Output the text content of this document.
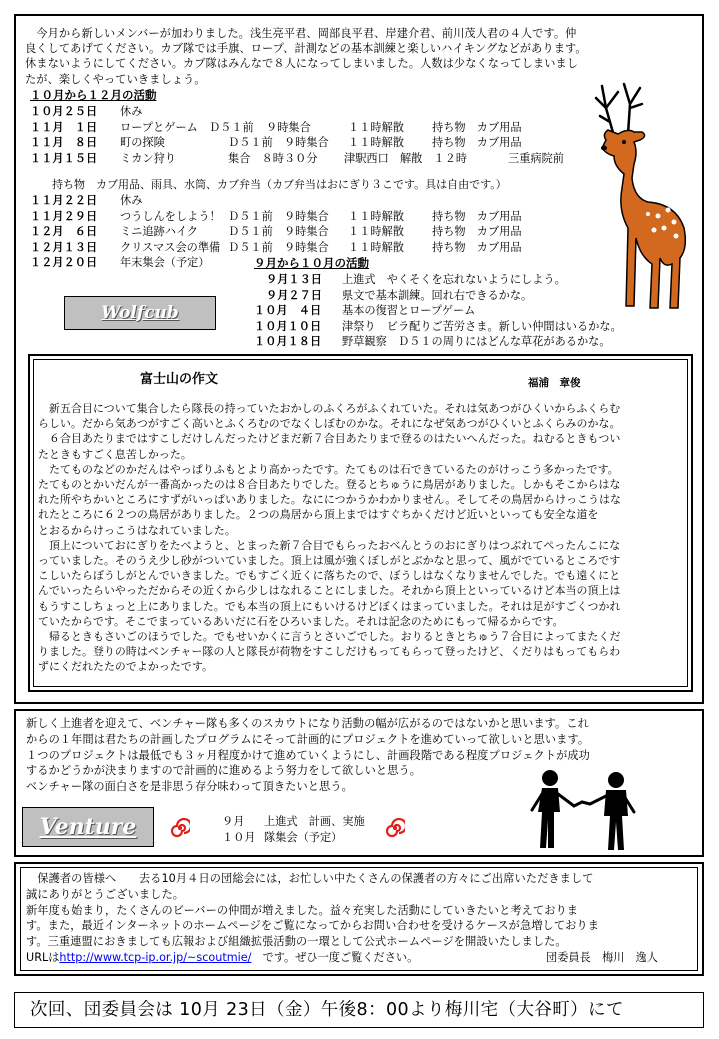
　今月から新しいメンバーが加わりました。浅生亮平君、岡部良平君、岸建介君、前川茂人君の４人です。仲

良くしてあげてください。カブ隊では手旗、ロープ、計測などの基本訓練と楽しいハイキングなどがあります。

休まないようにしてください。カブ隊はみんなで８人になってしまいました。人数は少なくなってしまいまし

たが、楽しくやっていきましょう。

１０月から１２月の活動
１０月２５日 休み
１１月　１日 ロープとゲーム　Ｄ５１前 ９時集合	１１時解散	持ち物　カブ用品
１１月　８日 町の探険	Ｄ５１前　９時集合 １１時解散	持ち物　カブ用品
１１月１５日 ミカン狩り	集合　８時３０分 津駅西口　解散　１２時	三重病院前
持ち物　カブ用品、雨具、水筒、カブ弁当（カブ弁当はおにぎり３こです。具は自由です。）
１１月２２日 休み
１１月２９日 つうしんをしよう！ Ｄ５１前　９時集合 １１時解散	持ち物　カブ用品
１２月　６日 ミニ追跡ハイク	Ｄ５１前　９時集合 １１時解散	持ち物　カブ用品
１２月１３日 クリスマス会の準備 Ｄ５１前　９時集合 １１時解散	持ち物　カブ用品
１２月２０日 年末集会（予定）	９月から１０月の活動
９月１３日 上進式　やくそくを忘れないようにしよう。
９月２７日 県文で基本訓練。回れ右できるかな。
１０月　４日 基本の復習とロープゲーム
１０月１０日 津祭り　ビラ配りご苦労さま。新しい仲間はいるかな。
１０月１８日 野草観察　Ｄ５１の周りにはどんな草花があるかな。
Wolfcub
富士山の作文	福浦　章俊

　新五合目について集合したら隊長の持っていたおかしのふくろがふくれていた。それは気あつがひくいからふくらむ

らしい。だから気あつがすごく高いとふくろむのでなくしぼむのかな。それになぜ気あつがひくいとふくらみのかな。

　６合目あたりまではすこしだけしんだったけどまだ新７合目あたりまで登るのはたいへんだった。ねむるときもつい

たときもすごく息苦しかった。

　たてものなどのかだんはやっぱりふもとより高かったです。たてものは石できているたのがけっこう多かったです。

たてものとかいだんが一番高かったのは８合目あたりでした。登るとちゅうに鳥居がありました。しかもそこからはな

れた所やちかいところにすずがいっぱいありました。なににつかうかわかりません。そしてその鳥居からけっこうはな

れたところに６２つの鳥居がありました。２つの鳥居から頂上まではすぐちかくだけど近いといっても安全な道を

とおるからけっこうはなれていました。

　頂上についておにぎりをたべようと、とまった新７合目でもらったおべんとうのおにぎりはつぶれてぺったんこにな

っていました。そのうえ少し砂がついていました。頂上は風が強くぼしがとぶかなと思って、風がでているところです

こしいたらぼうしがとんでいきました。でもすごく近くに落ちたので、ぼうしはなくなりませんでした。でも遠くにと

んでいったらいやっただからその近くから少しはなれることにしました。それから頂上といっているけど本当の頂上は

もうすこしちょっと上にありました。でも本当の頂上にもいけるけどぼくはまっていました。それは足がすごくつかれ

ていたからです。そこでまっているあいだに石をひろいました。それは記念のためにもって帰るからです。

　帰るときもさいごのほうでした。でもせいかくに言うとさいごでした。おりるときとちゅう７合目によってまたくだ

りました。登りの時はベンチャー隊の人と隊長が荷物をすこしだけもってもらって登ったけど、くだりはもってもらわ

ずにくだれたたのでよかったです。

新しく上進者を迎えて、ベンチャー隊も多くのスカウトになり活動の幅が広がるのではないかと思います。これ

からの１年間は君たちの計画したプログラムにそって計画的にプロジェクトを進めていって欲しいと思います。

１つのプロジェクトは最低でも３ヶ月程度かけて進めていくようにし、計画段階である程度プロジェクトが成功

するかどうかが決まりますので計画的に進めるよう努力をして欲しいと思う。

ベンチャー隊の面白さを是非思う存分味わって頂きたいと思う。

Venture	９月 上進式　計画、実施
１０月 隊集会（予定）

　保護者の皆様へ　　去る10月４日の団総会には，お忙しい中たくさんの保護者の方々にご出席いただきまして

誠にありがとうございました。

新年度も始まり，たくさんのビーバーの仲間が増えました。益々充実した活動にしていきたいと考えておりま

す。また，最近インターネットのホームページをご覧になってからお問い合わせを受けるケースが急増しておりま

す。三重連盟におきましても広報および組織拡張活動の一環として公式ホームページを開設いたしました。

URLはhttp://www.tcp-ip.or.jp/~scoutmie/　 です。ぜひ一度ご覧ください。	団委員長　梅川　逸人
次回、団委員会は 10月 23日（金）午後8：00より梅川宅（大谷町）にて
